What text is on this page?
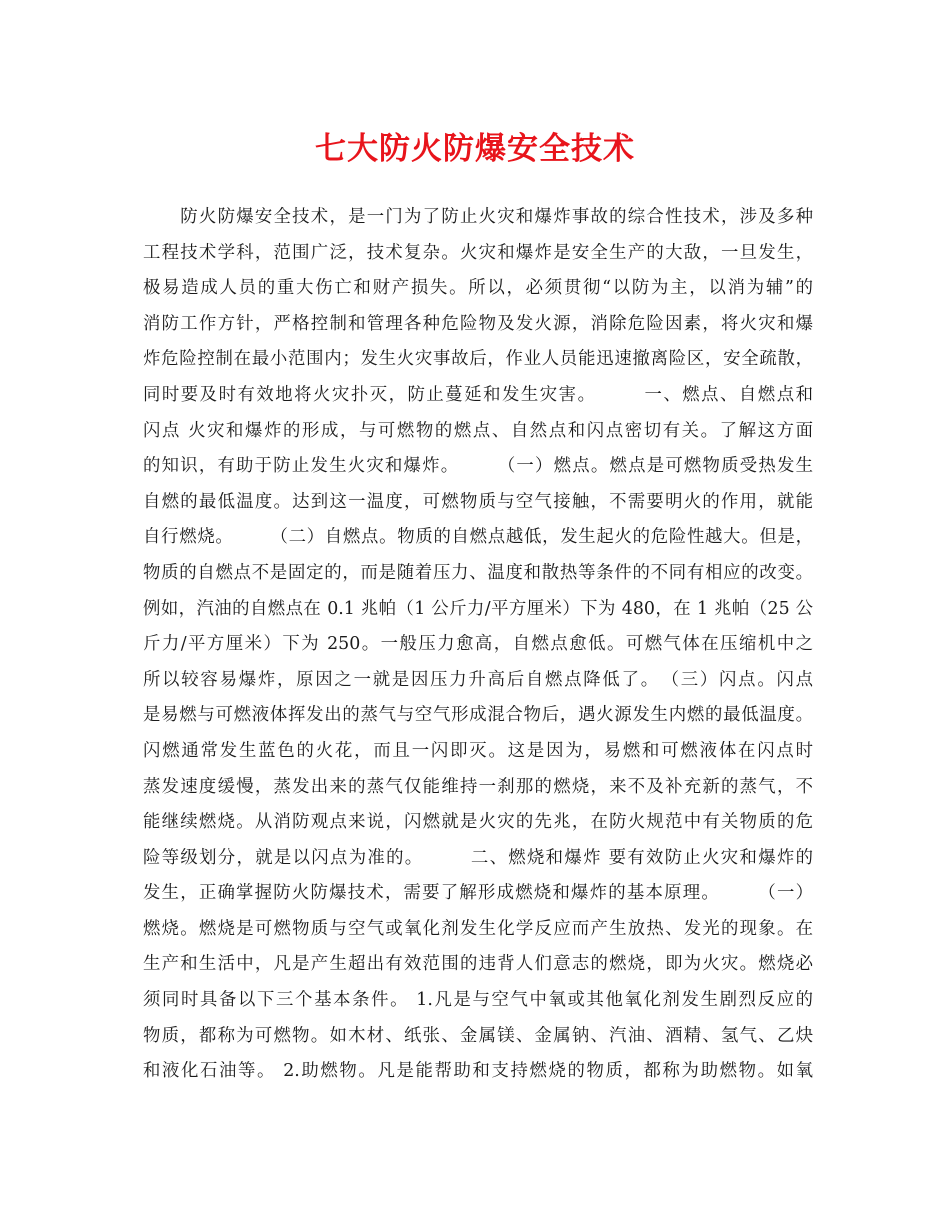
七大防火防爆安全技术
　　防火防爆安全技术，是一门为了防止火灾和爆炸事故的综合性技术，涉及多种
工程技术学科，范围广泛，技术复杂。火灾和爆炸是安全生产的大敌，一旦发生，
极易造成人员的重大伤亡和财产损失。所以，必须贯彻“以防为主，以消为辅”的
消防工作方针，严格控制和管理各种危险物及发火源，消除危险因素，将火灾和爆
炸危险控制在最小范围内；发生火灾事故后，作业人员能迅速撤离险区，安全疏散，
同时要及时有效地将火灾扑灭，防止蔓延和发生灾害。　　　一、燃点、自燃点和
闪点 火灾和爆炸的形成，与可燃物的燃点、自然点和闪点密切有关。了解这方面
的知识，有助于防止发生火灾和爆炸。　　　（一）燃点。燃点是可燃物质受热发生
自燃的最低温度。达到这一温度，可燃物质与空气接触，不需要明火的作用，就能
自行燃烧。　　　（二）自燃点。物质的自燃点越低，发生起火的危险性越大。但是，
物质的自燃点不是固定的，而是随着压力、温度和散热等条件的不同有相应的改变。
例如，汽油的自燃点在 0.1 兆帕（1 公斤力/平方厘米）下为 480，在 1 兆帕（25 公
斤力/平方厘米）下为 250。一般压力愈高，自燃点愈低。可燃气体在压缩机中之
所以较容易爆炸，原因之一就是因压力升高后自燃点降低了。　（三）闪点。闪点
是易燃与可燃液体挥发出的蒸气与空气形成混合物后，遇火源发生内燃的最低温度。
闪燃通常发生蓝色的火花，而且一闪即灭。这是因为，易燃和可燃液体在闪点时
蒸发速度缓慢，蒸发出来的蒸气仅能维持一刹那的燃烧，来不及补充新的蒸气，不
能继续燃烧。从消防观点来说，闪燃就是火灾的先兆，在防火规范中有关物质的危
险等级划分，就是以闪点为准的。　　　二、燃烧和爆炸 要有效防止火灾和爆炸的
发生，正确掌握防火防爆技术，需要了解形成燃烧和爆炸的基本原理。　　　（一）
燃烧。燃烧是可燃物质与空气或氧化剂发生化学反应而产生放热、发光的现象。在
生产和生活中，凡是产生超出有效范围的违背人们意志的燃烧，即为火灾。燃烧必
须同时具备以下三个基本条件。 1.凡是与空气中氧或其他氧化剂发生剧烈反应的
物质，都称为可燃物。如木材、纸张、金属镁、金属钠、汽油、酒精、氢气、乙炔
和液化石油等。 2.助燃物。凡是能帮助和支持燃烧的物质，都称为助燃物。如氧
